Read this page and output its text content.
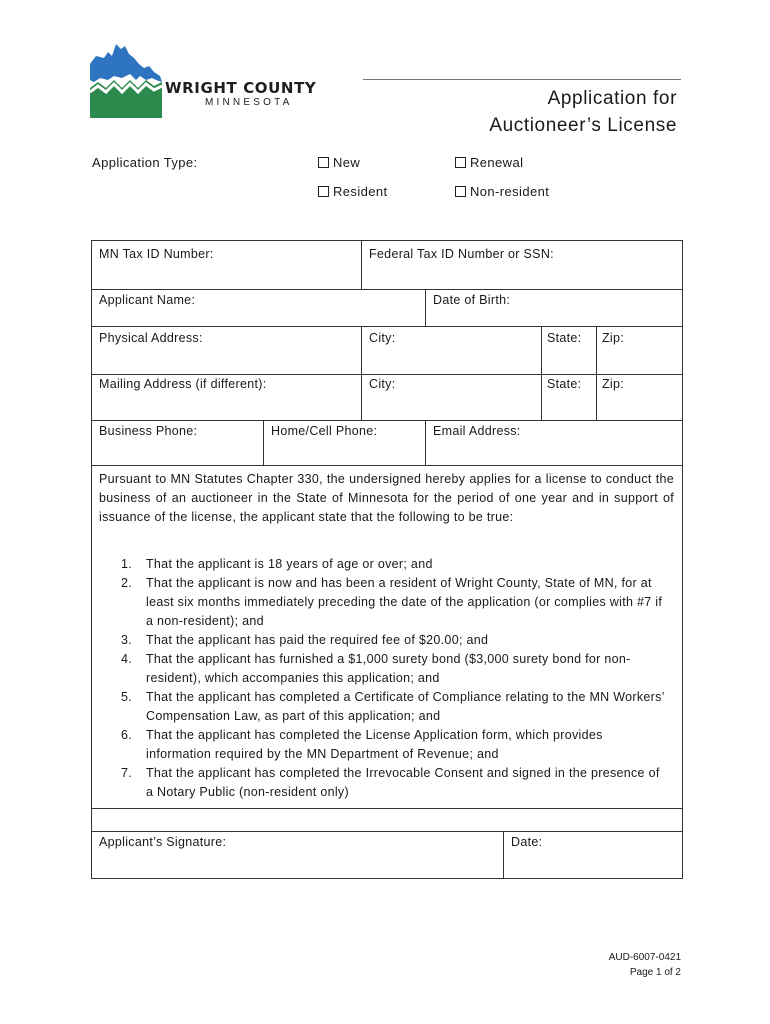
WRIGHT COUNTY
MINNESOTA	Application for
Auctioneer’s License
Application Type:	New	Renewal
Resident	Non-resident
MN Tax ID Number:	Federal Tax ID Number or SSN:
Applicant Name:	Date of Birth:
Physical Address:	City:	State: Zip:
Mailing Address (if different):	City:	State: Zip:
Business Phone:	Home/Cell Phone:	Email Address:
Pursuant to MN Statutes Chapter 330, the undersigned hereby applies for a license to conduct the business of an auctioneer in the State of Minnesota for the period of one year and in support of issuance of the license, the applicant state that the following to be true:
1. That the applicant is 18 years of age or over; and
2. That the applicant is now and has been a resident of Wright County, State of MN, for at least six months immediately preceding the date of the application (or complies with #7 if a non-resident); and
3. That the applicant has paid the required fee of $20.00; and
4. That the applicant has furnished a $1,000 surety bond ($3,000 surety bond for non-resident), which accompanies this application; and
5. That the applicant has completed a Certificate of Compliance relating to the MN Workers’ Compensation Law, as part of this application; and
6. That the applicant has completed the License Application form, which provides information required by the MN Department of Revenue; and
7. That the applicant has completed the Irrevocable Consent and signed in the presence of a Notary Public (non-resident only)
Applicant’s Signature:	Date:
AUD-6007-0421
Page 1 of 2
